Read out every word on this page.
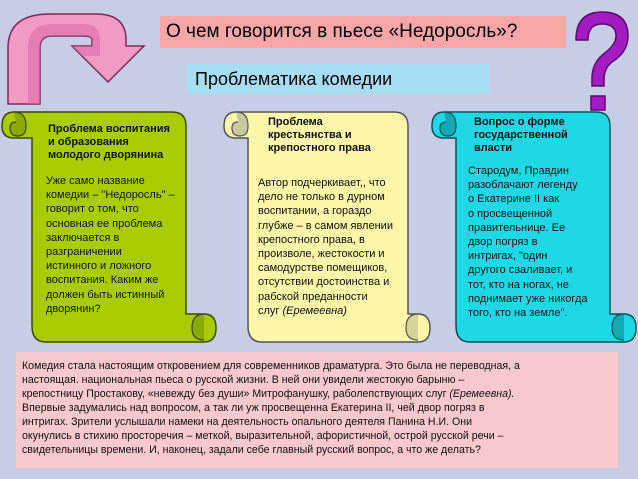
О чем говорится в пьесе «Недоросль»?
Проблематика комедии
Проблема воспитания
и образования
молодого дворянина
Уже само название
комедии – "Недоросль" –
говорит о том, что
основная ее проблема
заключается в
разграничении
истинного и ложного
воспитания. Каким же
должен быть истинный
дворянин?
Проблема
крестьянства и
крепостного права
Автор подчеркивает,, что
дело не только в дурном
воспитании, а гораздо
глубже – в самом явлении
крепостного права, в
произволе, жестокости и
самодурстве помещиков,
отсутствии достоинства и
рабской преданности
слуг (Еремеевна)
Вопрос о форме
государственной
власти
Стародум, Правдин
разоблачают легенду
о Екатерине II как
о просвещенной
правительнице. Ее
двор погряз в
интригах, "один
другого сваливает, и
тот, кто на ногах, не
поднимает уже никогда
того, кто на земле".
Комедия стала настоящим откровением для современников драматурга. Это была не переводная, а
настоящая. национальная пьеса о русской жизни. В ней они увидели жестокую барыню –
крепостницу Простакову, «невежду без души» Митрофанушку, раболепствующих слуг (Еремеевна).
Впервые задумались над вопросом, а так ли уж просвещенна Екатерина II, чей двор погряз в
интригах. Зрители услышали намеки на деятельность опального деятеля Панина Н.И. Они
окунулись в стихию просторечия – меткой, выразительной, афористичной, острой русской речи –
свидетельницы времени. И, наконец, задали себе главный русский вопрос, а что же делать?
